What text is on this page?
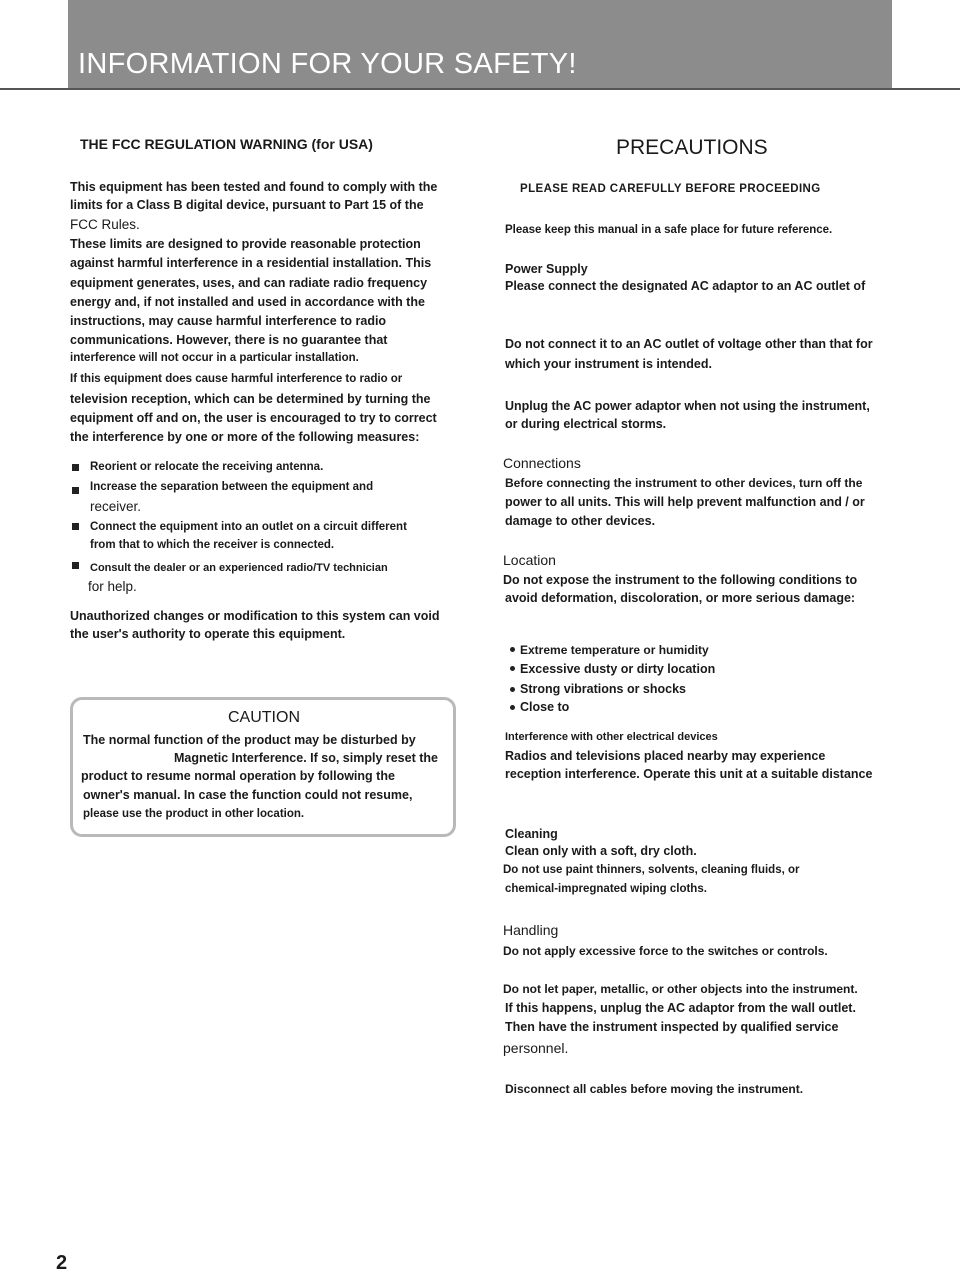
INFORMATION FOR YOUR SAFETY!
THE FCC REGULATION WARNING (for USA)
This equipment has been tested and found to comply with the
limits for a Class B digital device, pursuant to Part 15 of the
FCC Rules.
These limits are designed to provide reasonable protection
against harmful interference in a residential installation. This
equipment generates, uses, and can radiate radio frequency
energy and, if not installed and used in accordance with the
instructions, may cause harmful interference to radio
communications. However, there is no guarantee that
interference will not occur in a particular installation.
If this equipment does cause harmful interference to radio or
television reception, which can be determined by turning the
equipment off and on, the user is encouraged to try to correct
the interference by one or more of the following measures:
Reorient or relocate the receiving antenna.
Increase the separation between the equipment and
receiver.
Connect the equipment into an outlet on a circuit different
from that to which the receiver is connected.
Consult the dealer or an experienced radio/TV technician
for help.
Unauthorized changes or modification to this system can void
the user's authority to operate this equipment.
CAUTION
The normal function of the product may be disturbed by
Magnetic Interference. If so, simply reset the
product to resume normal operation by following the
owner's manual. In case the function could not resume,
please use the product in other location.
PRECAUTIONS
PLEASE READ CAREFULLY BEFORE PROCEEDING
Please keep this manual in a safe place for future reference.
Power Supply
Please connect the designated AC adaptor to an AC outlet of
Do not connect it to an AC outlet of voltage other than that for
which your instrument is intended.
Unplug the AC power adaptor when not using the instrument,
or during electrical storms.
Connections
Before connecting the instrument to other devices, turn off the
power to all units. This will help prevent malfunction and / or
damage to other devices.
Location
Do not expose the instrument to the following conditions to
avoid deformation, discoloration, or more serious damage:
Extreme temperature or humidity
Excessive dusty or dirty location
Strong vibrations or shocks
Close to
Interference with other electrical devices
Radios and televisions placed nearby may experience
reception interference. Operate this unit at a suitable distance
Cleaning
Clean only with a soft, dry cloth.
Do not use paint thinners, solvents, cleaning fluids, or
chemical-impregnated wiping cloths.
Handling
Do not apply excessive force to the switches or controls.
Do not let paper, metallic, or other objects into the instrument.
If this happens, unplug the AC adaptor from the wall outlet.
Then have the instrument inspected by qualified service
personnel.
Disconnect all cables before moving the instrument.
2
